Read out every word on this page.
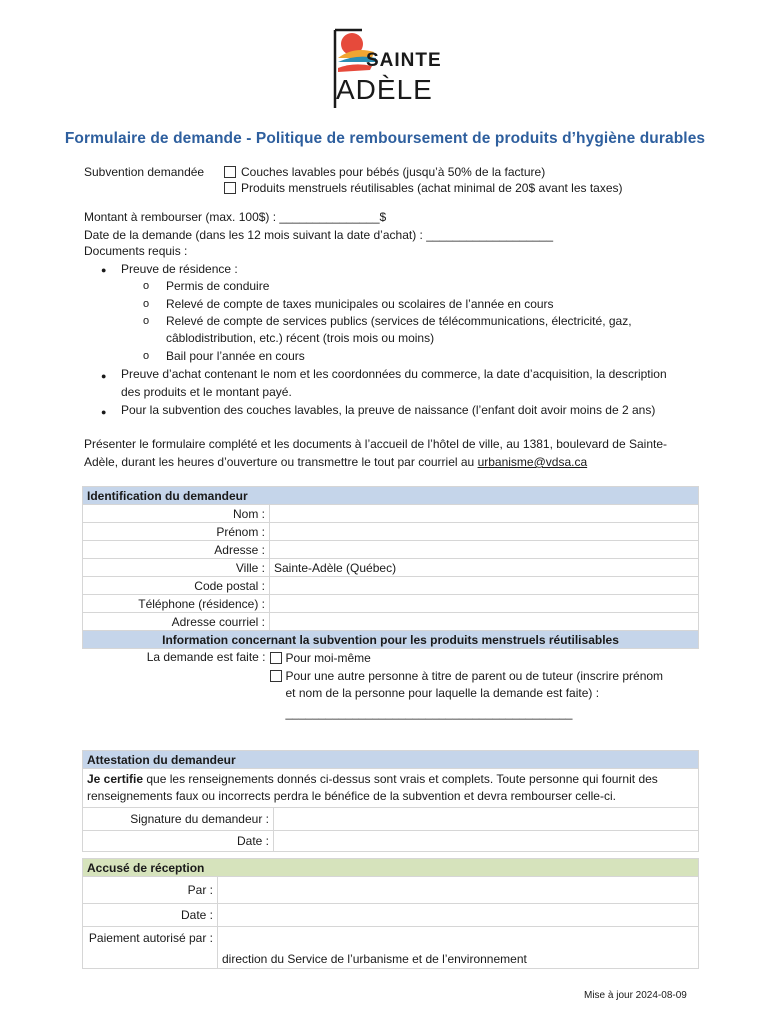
SAINTE
ADÈLE
Formulaire de demande - Politique de remboursement de produits d’hygiène durables
Subvention demandée	Couches lavables pour bébés (jusqu’à 50% de la facture)
Produits menstruels réutilisables (achat minimal de 20$ avant les taxes)
Montant à rembourser (max. 100$) : _______________$
Date de la demande (dans les 12 mois suivant la date d’achat) : ___________________
Documents requis :
● Preuve de résidence :
o Permis de conduire
o Relevé de compte de taxes municipales ou scolaires de l’année en cours
o Relevé de compte de services publics (services de télécommunications, électricité, gaz,
câblodistribution, etc.) récent (trois mois ou moins)
o Bail pour l’année en cours
● Preuve d’achat contenant le nom et les coordonnées du commerce, la date d’acquisition, la description
des produits et le montant payé.
● Pour la subvention des couches lavables, la preuve de naissance (l’enfant doit avoir moins de 2 ans)
Présenter le formulaire complété et les documents à l’accueil de l’hôtel de ville, au 1381, boulevard de Sainte-
Adèle, durant les heures d’ouverture ou transmettre le tout par courriel au urbanisme@vdsa.ca
Identification du demandeur	
Nom :	
Prénom :	
Adresse :	
Ville :	Sainte-Adèle (Québec)
Code postal :	
Téléphone (résidence) :	
Adresse courriel :	
Information concernant la subvention pour les produits menstruels réutilisables	
La demande est faite :	Pour moi-même
Pour une autre personne à titre de parent ou de tuteur (inscrire prénom
et nom de la personne pour laquelle la demande est faite) :
___________________________________________
Attestation du demandeur	
Je certifie que les renseignements donnés ci-dessus sont vrais et complets. Toute personne qui fournit des
renseignements faux ou incorrects perdra le bénéfice de la subvention et devra rembourser celle-ci.	
Signature du demandeur :	
Date :	
Accusé de réception	
Par :	
Date :	
Paiement autorisé par :	direction du Service de l’urbanisme et de l’environnement
Mise à jour 2024-08-09
